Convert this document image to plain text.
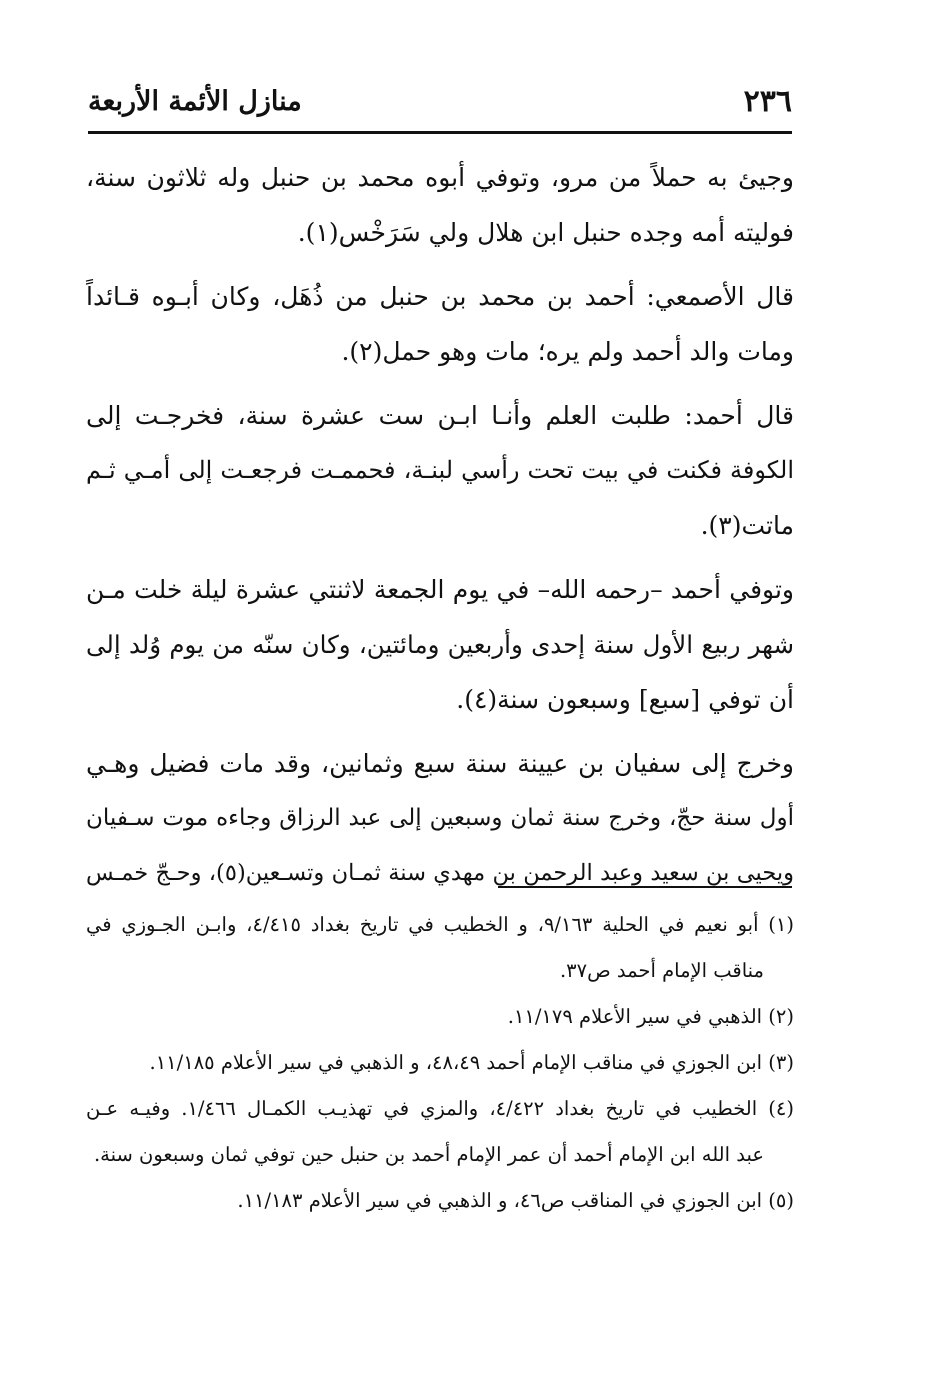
٢٣٦
منازل الأئمة الأربعة

وجيئ به حملاً من مرو، وتوفي أبوه محمد بن حنبل وله ثلاثون سنة،

فوليته أمه وجده حنبل ابن هلال ولي سَرَخْس(١).

قال الأصمعي: أحمد بن محمد بن حنبل من ذُهَل، وكان أبـوه قـائداً

ومات والد أحمد ولم يره؛ مات وهو حمل(٢).

قال أحمد: طلبت العلم وأنـا ابـن ست عشرة سنة، فخرجـت إلى

الكوفة فكنت في بيت تحت رأسي لبنـة، فحممـت فرجعـت إلى أمـي ثـم

ماتت(٣).

وتوفي أحمد –رحمه الله– في يوم الجمعة لاثنتي عشرة ليلة خلت مـن

شهر ربيع الأول سنة إحدى وأربعين ومائتين، وكان سنّه من يوم وُلد إلى

أن توفي [سبع] وسبعون سنة(٤).

وخرج إلى سفيان بن عيينة سنة سبع وثمانين، وقد مات فضيل وهـي

أول سنة حجّ، وخرج سنة ثمان وسبعين إلى عبد الرزاق وجاءه موت سـفيان

ويحيى بن سعيد وعبد الرحمن بن مهدي سنة ثمـان وتسـعين(٥)، وحـجّ خمـس

(١) أبو نعيم في الحلية ٩/١٦٣، و الخطيب في تاريخ بغداد ٤/٤١٥، وابـن الجـوزي في

مناقب الإمام أحمد ص٣٧.

(٢) الذهبي في سير الأعلام ١١/١٧٩.

(٣) ابن الجوزي في مناقب الإمام أحمد ٤٨،٤٩، و الذهبي في سير الأعلام ١١/١٨٥.

(٤) الخطيب في تاريخ بغداد ٤/٤٢٢، والمزي في تهذيـب الكمـال ١/٤٦٦. وفيـه عـن

عبد الله ابن الإمام أحمد أن عمر الإمام أحمد بن حنبل حين توفي ثمان وسبعون سنة.

(٥) ابن الجوزي في المناقب ص٤٦، و الذهبي في سير الأعلام ١١/١٨٣.
